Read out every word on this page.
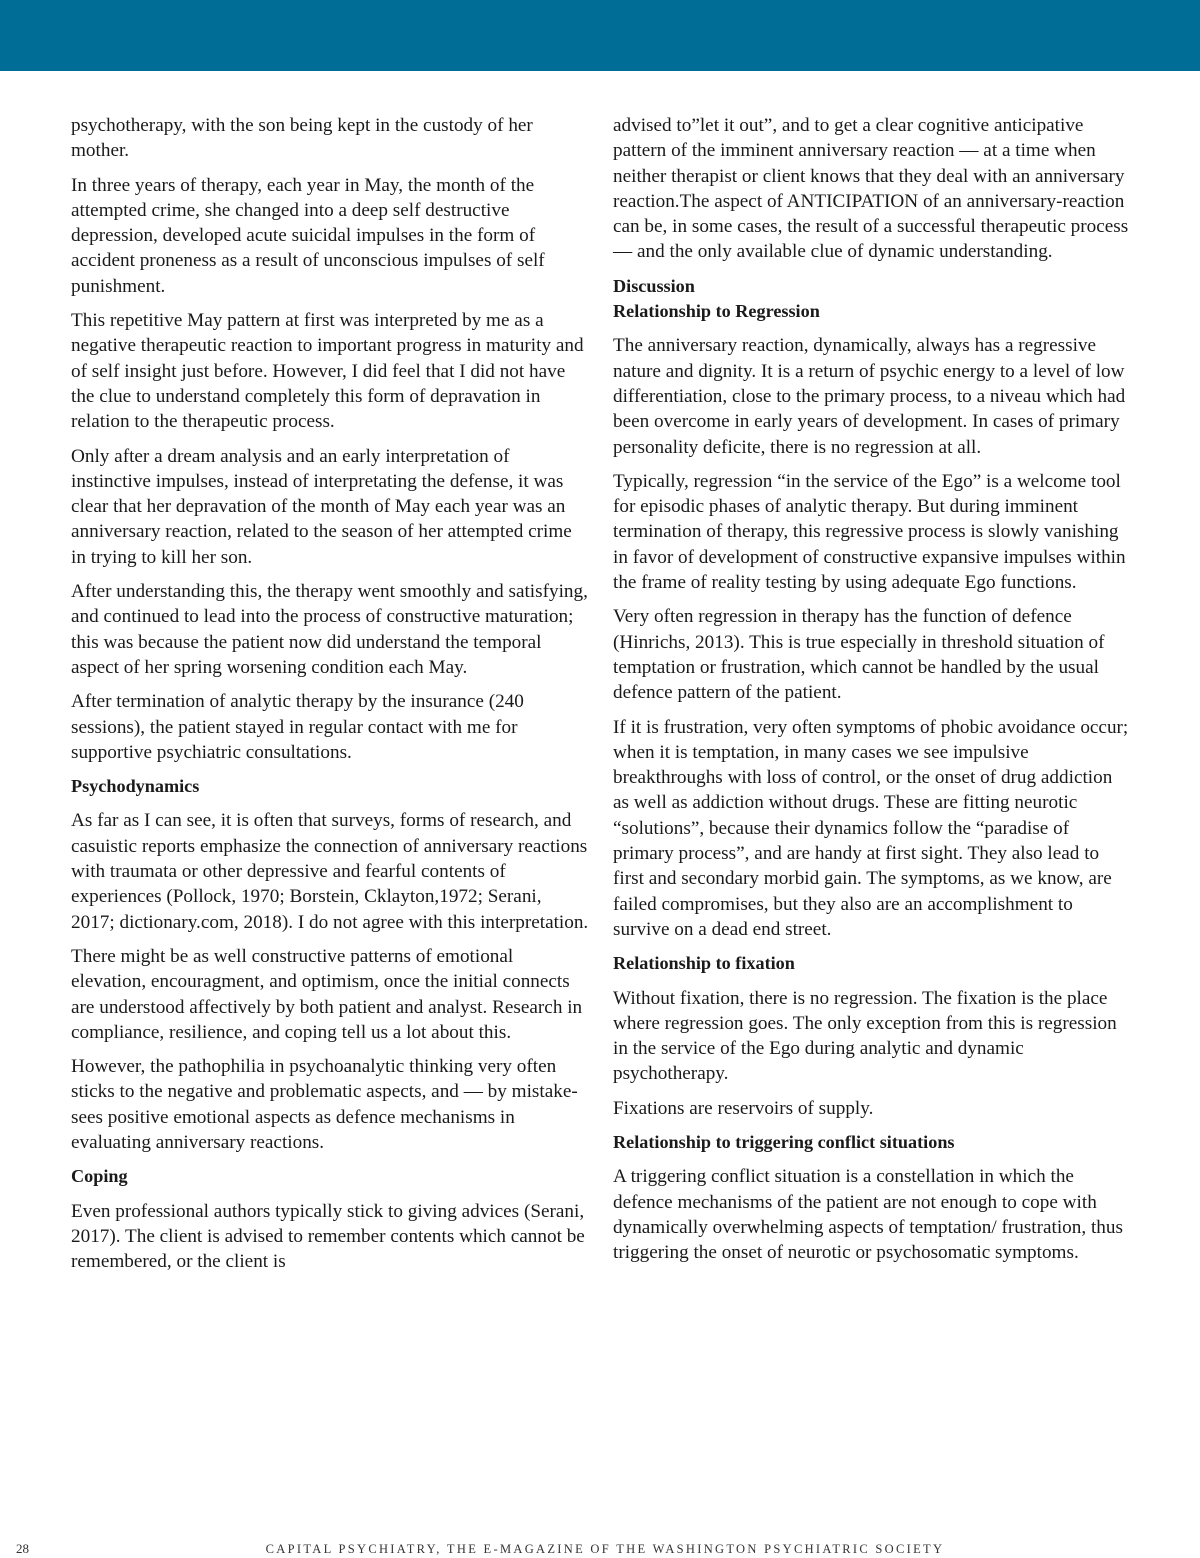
psychotherapy, with the son being kept in the custody of her mother.

In three years of therapy, each year in May, the month of the attempted crime, she changed into a deep self destructive depression, developed acute suicidal impulses in the form of accident proneness as a result of unconscious impulses of self punishment.

This repetitive May pattern at first was interpreted by me as a negative therapeutic reaction to important progress in maturity and of self insight just before. However, I did feel that I did not have the clue to understand completely this form of depravation in relation to the therapeutic process.

Only after a dream analysis and an early interpretation of instinctive impulses, instead of interpretating the defense, it was clear that her depravation of the month of May each year was an anniversary reaction, related to the season of her attempted crime in trying to kill her son.

After understanding this, the therapy went smoothly and satisfying, and continued to lead into the process of constructive maturation; this was because the patient now did understand the temporal aspect of her spring worsening condition each May.

After termination of analytic therapy by the insurance (240 sessions), the patient stayed in regular contact with me for supportive psychiatric consultations.

Psychodynamics

As far as I can see, it is often that surveys, forms of research, and casuistic reports emphasize the connection of anniversary reactions with traumata or other depressive and fearful contents of experiences (Pollock, 1970; Borstein, Cklayton,1972; Serani, 2017; dictionary.com, 2018). I do not agree with this interpretation.

There might be as well constructive patterns of emotional elevation, encouragment, and optimism, once the initial connects are understood affectively by both patient and analyst. Research in compliance, resilience, and coping tell us a lot about this.

However, the pathophilia in psychoanalytic thinking very often sticks to the negative and problematic aspects, and — by mistake- sees positive emotional aspects as defence mechanisms in evaluating anniversary reactions.

Coping

Even professional authors typically stick to giving advices (Serani, 2017). The client is advised to remember contents which cannot be remembered, or the client is

advised to”let it out”, and to get a clear cognitive anticipative pattern of the imminent anniversary reaction — at a time when neither therapist or client knows that they deal with an anniversary reaction.The aspect of ANTICIPATION of an anniversary-reaction can be, in some cases, the result of a successful therapeutic process — and the only available clue of dynamic understanding.

Discussion
Relationship to Regression

The anniversary reaction, dynamically, always has a regressive nature and dignity. It is a return of psychic energy to a level of low differentiation, close to the primary process, to a niveau which had been overcome in early years of development. In cases of primary personality deficite, there is no regression at all.

Typically, regression “in the service of the Ego” is a welcome tool for episodic phases of analytic therapy. But during imminent termination of therapy, this regressive process is slowly vanishing in favor of development of constructive expansive impulses within the frame of reality testing by using adequate Ego functions.

Very often regression in therapy has the function of defence (Hinrichs, 2013). This is true especially in threshold situation of temptation or frustration, which cannot be handled by the usual defence pattern of the patient.

If it is frustration, very often symptoms of phobic avoidance occur; when it is temptation, in many cases we see impulsive breakthroughs with loss of control, or the onset of drug addiction as well as addiction without drugs. These are fitting neurotic “solutions”, because their dynamics follow the “paradise of primary process”, and are handy at first sight. They also lead to first and secondary morbid gain. The symptoms, as we know, are failed compromises, but they also are an accomplishment to survive on a dead end street.

Relationship to fixation

Without fixation, there is no regression. The fixation is the place where regression goes. The only exception from this is regression in the service of the Ego during analytic and dynamic psychotherapy.

Fixations are reservoirs of supply.

Relationship to triggering conflict situations

A triggering conflict situation is a constellation in which the defence mechanisms of the patient are not enough to cope with dynamically overwhelming aspects of temptation/ frustration, thus triggering the onset of neurotic or psychosomatic symptoms.

28	CAPITAL PSYCHIATRY, THE E-MAGAZINE OF THE WASHINGTON PSYCHIATRIC SOCIETY
